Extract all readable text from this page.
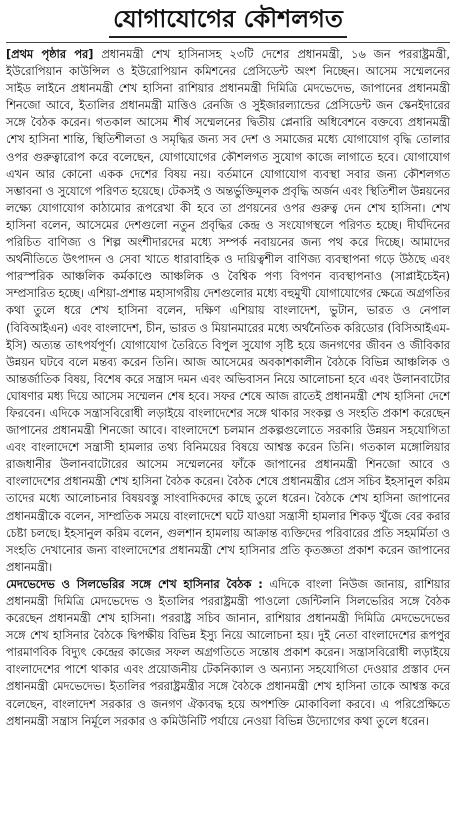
যোগাযোগের কৌশলগত

[প্রথম পৃষ্ঠার পর] প্রধানমন্ত্রী শেখ হাসিনাসহ ২৩টি দেশের প্রধানমন্ত্রী, ১৬ জন পররাষ্ট্রমন্ত্রী, ইউরোপিয়ান কাউন্সিল ও ইউরোপিয়ান কমিশনের প্রেসিডেন্ট অংশ নিচ্ছেন। আসেম সম্মেলনের সাইড লাইনে প্রধানমন্ত্রী শেখ হাসিনা রাশিয়ার প্রধানমন্ত্রী দিমিত্রি মেদভেদেভ, জাপানের প্রধানমন্ত্রী শিনজো আবে, ইতালির প্রধানমন্ত্রী মাত্তিও রেনজি ও সুইজারল্যান্ডের প্রেসিডেন্ট জন স্কেনইদারের সঙ্গে বৈঠক করেন। গতকাল আসেম শীর্ষ সম্মেলনের দ্বিতীয় প্লেনারি অধিবেশনে বক্তব্যে প্রধানমন্ত্রী শেখ হাসিনা শান্তি, স্থিতিশীলতা ও সমৃদ্ধির জন্য সব দেশ ও সমাজের মধ্যে যোগাযোগ বৃদ্ধি তোলার ওপর গুরুত্বারোপ করে বলেছেন, যোগাযোগের কৌশলগত সুযোগ কাজে লাগাতে হবে। যোগাযোগ এখন আর কোনো একক দেশের বিষয় নয়। বর্তমানে যোগাযোগ ব্যবস্থা সবার জন্য কৌশলগত সম্ভাবনা ও সুযোগে পরিণত হয়েছে। টেকসই ও অন্তর্ভুক্তিমূলক প্রবৃদ্ধি অর্জন এবং স্থিতিশীল উন্নয়নের লক্ষ্যে যোগাযোগ কাঠামোর রূপরেখা কী হবে তা প্রণয়নের ওপর গুরুত্ব দেন শেখ হাসিনা। শেখ হাসিনা বলেন, আসেমের দেশগুলো নতুন প্রবৃদ্ধির কেন্দ্র ও সংযোগস্থলে পরিণত হচ্ছে। দীর্ঘদিনের পরিচিত বাণিজ্য ও শিল্প অংশীদারদের মধ্যে সম্পর্ক নবায়নের জন্য পথ করে দিচ্ছে। আমাদের অর্থনীতিতে উৎপাদন ও সেবা খাতে ধারাবাহিক ও দায়িত্বশীল বাণিজ্য ব্যবস্থাপনা গড়ে উঠছে এবং পারস্পরিক আঞ্চলিক কর্মকাণ্ডে আঞ্চলিক ও বৈশ্বিক পণ্য বিপণন ব্যবস্থাপনাও (সাপ্লাইচেইন) সম্প্রসারিত হচ্ছে। এশিয়া-প্রশান্ত মহাসাগরীয় দেশগুলোর মধ্যে বহুমুখী যোগাযোগের ক্ষেত্রে অগ্রগতির কথা তুলে ধরে শেখ হাসিনা বলেন, দক্ষিণ এশিয়ায় বাংলাদেশ, ভুটান, ভারত ও নেপাল (বিবিআইএন) এবং বাংলাদেশ, চীন, ভারত ও মিয়ানমারের মধ্যে অর্থনৈতিক করিডোর (বিসিআইএম-ইসি) অত্যন্ত তাৎপর্যপূর্ণ। যোগাযোগ তৈরিতে বিপুল সুযোগ সৃষ্টি হয়ে জনগণের জীবন ও জীবিকার উন্নয়ন ঘটবে বলে মন্তব্য করেন তিনি। আজ আসেমের অবকাশকালীন বৈঠকে বিভিন্ন আঞ্চলিক ও আন্তর্জাতিক বিষয়, বিশেষ করে সন্ত্রাস দমন এবং অভিবাসন নিয়ে আলোচনা হবে এবং উলানবাটোর ঘোষণার মধ্য দিয়ে আসেম সম্মেলন শেষ হবে। সফর শেষে আজ রাতেই প্রধানমন্ত্রী শেখ হাসিনা দেশে ফিরবেন। এদিকে সন্ত্রাসবিরোধী লড়াইয়ে বাংলাদেশের সঙ্গে থাকার সংকল্প ও সংহতি প্রকাশ করেছেন জাপানের প্রধানমন্ত্রী শিনজো আবে। বাংলাদেশে চলমান প্রকল্পগুলোতে সরকারি উন্নয়ন সহযোগিতা এবং বাংলাদেশে সন্ত্রাসী হামলার তথ্য বিনিময়ের বিষয়ে আশ্বস্ত করেন তিনি। গতকাল মঙ্গোলিয়ার রাজধানীর উলানবাটোরের আসেম সম্মেলনের ফাঁকে জাপানের প্রধানমন্ত্রী শিনজো আবে ও বাংলাদেশের প্রধানমন্ত্রী শেখ হাসিনা বৈঠক করেন। বৈঠক শেষে প্রধানমন্ত্রীর প্রেস সচিব ইহসানুল করিম তাদের মধ্যে আলোচনার বিষয়বস্তু সাংবাদিকদের কাছে তুলে ধরেন। বৈঠকে শেখ হাসিনা জাপানের প্রধানমন্ত্রীকে বলেন, সাম্প্রতিক সময়ে বাংলাদেশে ঘটে যাওয়া সন্ত্রাসী হামলার শিকড় খুঁজে বের করার চেষ্টা চলছে। ইহসানুল করিম বলেন, গুলশান হামলায় আক্রান্ত ব্যক্তিদের পরিবারের প্রতি সহমর্মিতা ও সংহতি দেখানোর জন্য বাংলাদেশের প্রধানমন্ত্রী শেখ হাসিনার প্রতি কৃতজ্ঞতা প্রকাশ করেন জাপানের প্রধানমন্ত্রী।

মেদভেদেভ ও সিলভেরির সঙ্গে শেখ হাসিনার বৈঠক : এদিকে বাংলা নিউজ জানায়, রাশিয়ার প্রধানমন্ত্রী দিমিত্রি মেদভেদেভ ও ইতালির পররাষ্ট্রমন্ত্রী পাওলো জেন্টিলনি সিলভেরির সঙ্গে বৈঠক করেছেন প্রধানমন্ত্রী শেখ হাসিনা। পররাষ্ট্র সচিব জানান, রাশিয়ার প্রধানমন্ত্রী দিমিত্রি মেদভেদেভের সঙ্গে শেখ হাসিনার বৈঠকে দ্বিপক্ষীয় বিভিন্ন ইস্যু নিয়ে আলোচনা হয়। দুই নেতা বাংলাদেশের রূপপুর পারমাণবিক বিদ্যুৎ কেন্দ্রের কাজের সফল অগ্রগতিতে সন্তোষ প্রকাশ করেন। সন্ত্রাসবিরোধী লড়াইয়ে বাংলাদেশের পাশে থাকার এবং প্রয়োজনীয় টেকনিক্যাল ও অন্যান্য সহযোগিতা দেওয়ার প্রস্তাব দেন প্রধানমন্ত্রী মেদভেদেভ। ইতালির পররাষ্ট্রমন্ত্রীর সঙ্গে বৈঠকে প্রধানমন্ত্রী শেখ হাসিনা তাকে আশ্বস্ত করে বলেছেন, বাংলাদেশ সরকার ও জনগণ ঐক্যবদ্ধ হয়ে অপশক্তি মোকাবিলা করবে। এ পরিপ্রেক্ষিতে প্রধানমন্ত্রী সন্ত্রাস নির্মূলে সরকার ও কমিউনিটি পর্যায়ে নেওয়া বিভিন্ন উদ্যোগের কথা তুলে ধরেন।
